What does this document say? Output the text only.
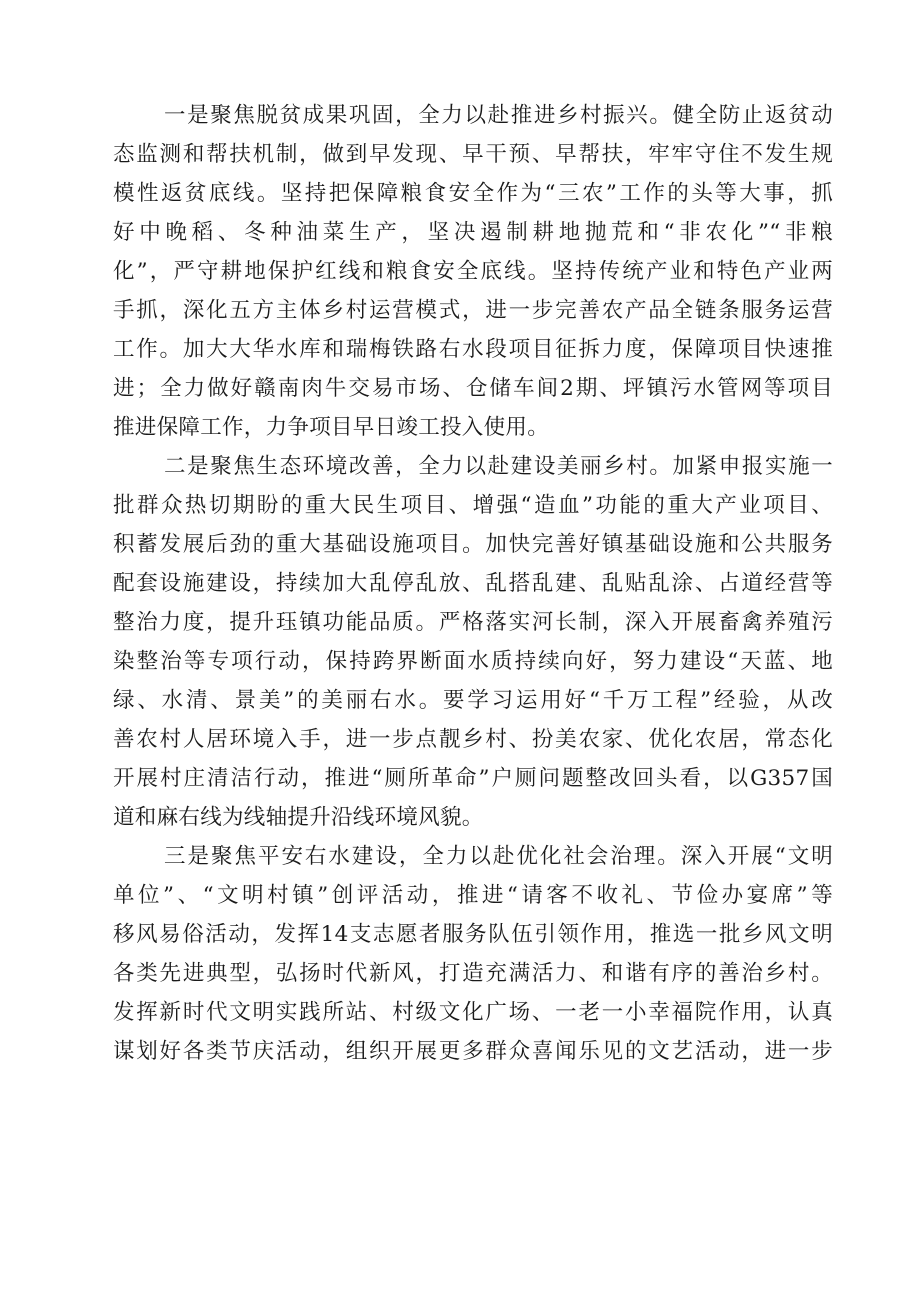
一是聚焦脱贫成果巩固，全力以赴推进乡村振兴。健全防止返贫动
态监测和帮扶机制，做到早发现、早干预、早帮扶，牢牢守住不发生规
模性返贫底线。坚持把保障粮食安全作为“三农”工作的头等大事，抓
好中晚稻、冬种油菜生产，坚决遏制耕地抛荒和“非农化”“非粮
化”，严守耕地保护红线和粮食安全底线。坚持传统产业和特色产业两
手抓，深化五方主体乡村运营模式，进一步完善农产品全链条服务运营
工作。加大大华水库和瑞梅铁路右水段项目征拆力度，保障项目快速推
进；全力做好赣南肉牛交易市场、仓储车间2期、坪镇污水管网等项目
推进保障工作，力争项目早日竣工投入使用。
二是聚焦生态环境改善，全力以赴建设美丽乡村。加紧申报实施一
批群众热切期盼的重大民生项目、增强“造血”功能的重大产业项目、
积蓄发展后劲的重大基础设施项目。加快完善好镇基础设施和公共服务
配套设施建设，持续加大乱停乱放、乱搭乱建、乱贴乱涂、占道经营等
整治力度，提升珏镇功能品质。严格落实河长制，深入开展畜禽养殖污
染整治等专项行动，保持跨界断面水质持续向好，努力建设“天蓝、地
绿、水清、景美”的美丽右水。要学习运用好“千万工程”经验，从改
善农村人居环境入手，进一步点靓乡村、扮美农家、优化农居，常态化
开展村庄清洁行动，推进“厕所革命”户厕问题整改回头看，以G357国
道和麻右线为线轴提升沿线环境风貌。
三是聚焦平安右水建设，全力以赴优化社会治理。深入开展“文明
单位”、“文明村镇”创评活动，推进“请客不收礼、节俭办宴席”等
移风易俗活动，发挥14支志愿者服务队伍引领作用，推选一批乡风文明
各类先进典型，弘扬时代新风，打造充满活力、和谐有序的善治乡村。
发挥新时代文明实践所站、村级文化广场、一老一小幸福院作用，认真
谋划好各类节庆活动，组织开展更多群众喜闻乐见的文艺活动，进一步
